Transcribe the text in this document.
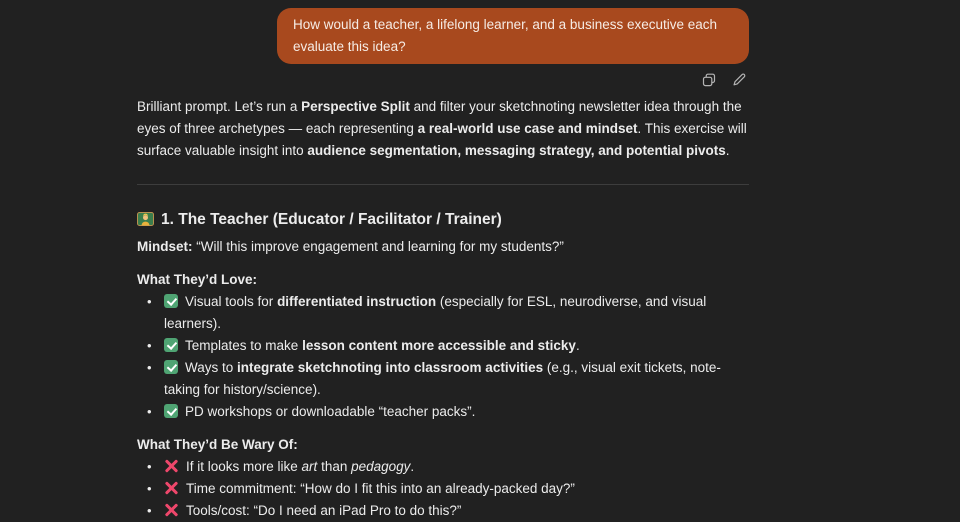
How would a teacher, a lifelong learner, and a business executive each evaluate this idea?

Brilliant prompt. Let’s run a Perspective Split and filter your sketchnoting newsletter idea through the eyes of three archetypes — each representing a real-world use case and mindset. This exercise will surface valuable insight into audience segmentation, messaging strategy, and potential pivots.

1. The Teacher (Educator / Facilitator / Trainer)

Mindset: “Will this improve engagement and learning for my students?”

What They’d Love:

• Visual tools for differentiated instruction (especially for ESL, neurodiverse, and visual learners).
• Templates to make lesson content more accessible and sticky.
• Ways to integrate sketchnoting into classroom activities (e.g., visual exit tickets, note-taking for history/science).
• PD workshops or downloadable “teacher packs”.

What They’d Be Wary Of:

• If it looks more like art than pedagogy.
• Time commitment: “How do I fit this into an already-packed day?”
• Tools/cost: “Do I need an iPad Pro to do this?”
